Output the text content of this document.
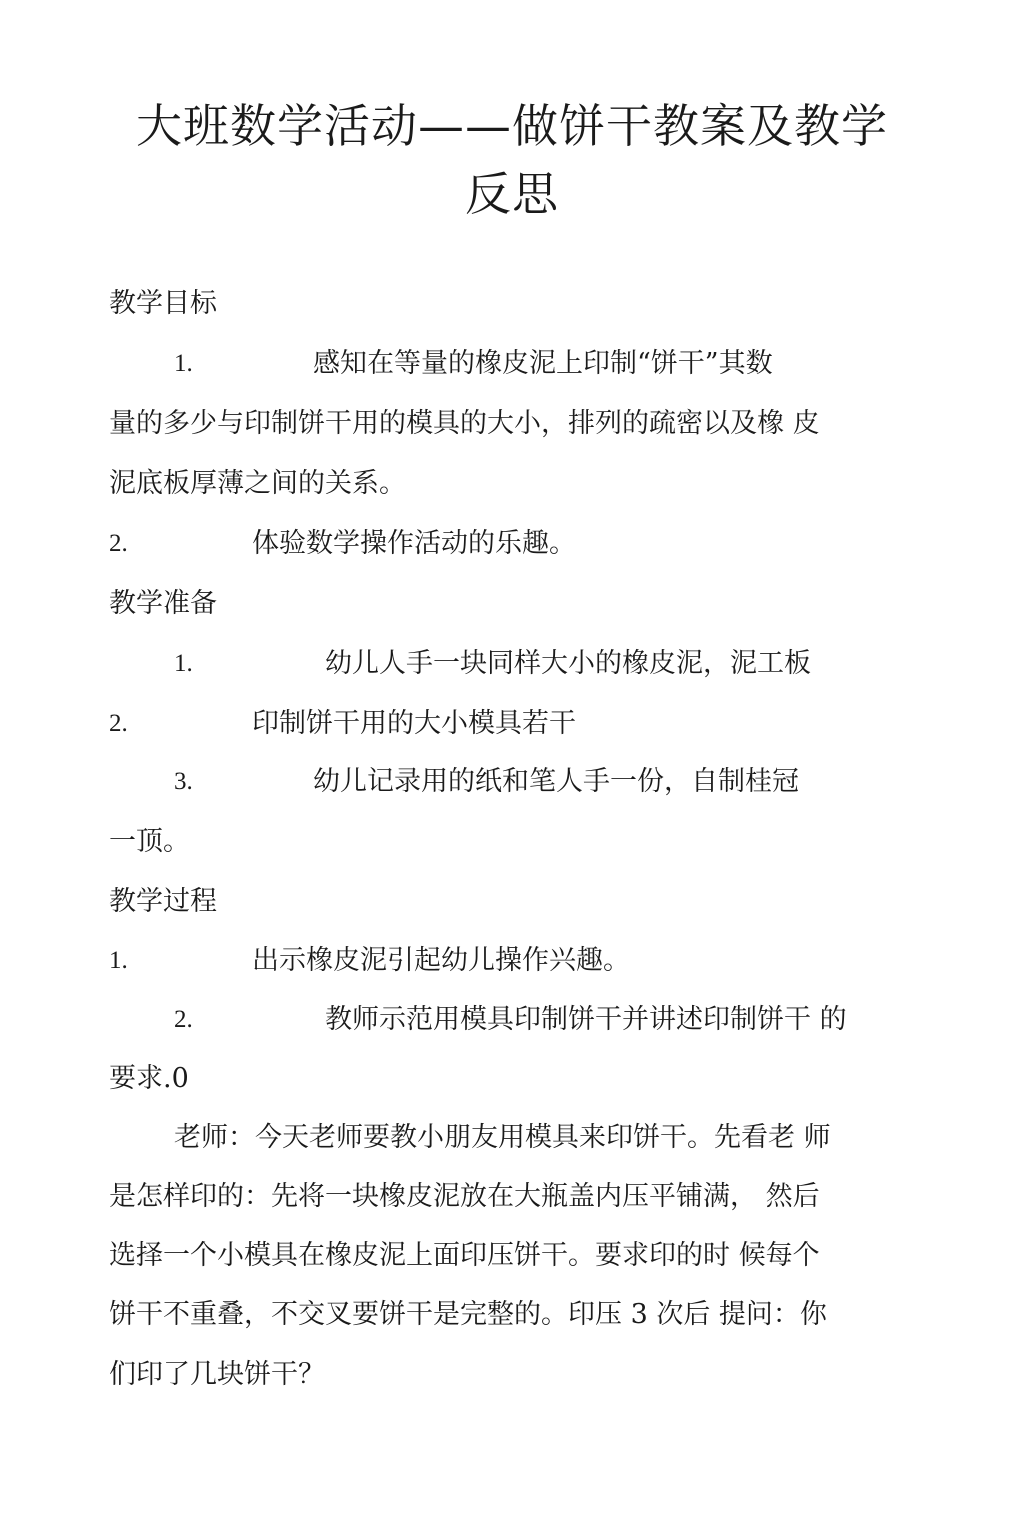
大班数学活动——做饼干教案及教学
反思
教学目标
1.	感知在等量的橡皮泥上印制“饼干”其数
量的多少与印制饼干用的模具的大小，排列的疏密以及橡 皮
泥底板厚薄之间的关系。
2.	体验数学操作活动的乐趣。
教学准备
1.	幼儿人手一块同样大小的橡皮泥，泥工板
2.	印制饼干用的大小模具若干
3.	幼儿记录用的纸和笔人手一份，自制桂冠
一顶。
教学过程
1.	出示橡皮泥引起幼儿操作兴趣。
2.	教师示范用模具印制饼干并讲述印制饼干 的
要求.0
老师：今天老师要教小朋友用模具来印饼干。先看老 师
是怎样印的：先将一块橡皮泥放在大瓶盖内压平铺满， 然后
选择一个小模具在橡皮泥上面印压饼干。要求印的时 候每个
饼干不重叠，不交叉要饼干是完整的。印压 3 次后 提问：你
们印了几块饼干？
